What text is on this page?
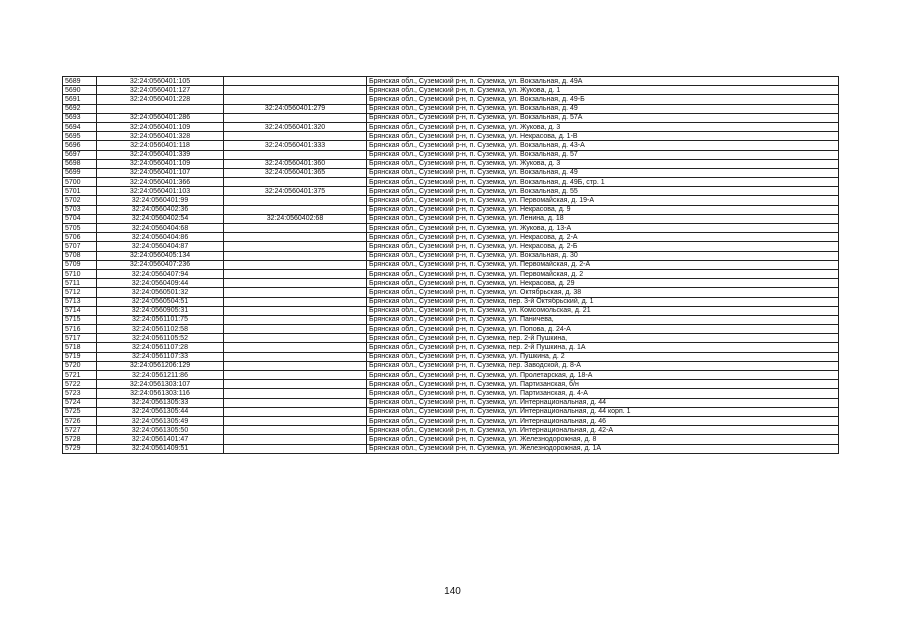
5689	32:24:0560401:105		Брянская обл., Суземский р-н, п. Суземка, ул. Вокзальная, д. 49А
5690	32:24:0560401:127		Брянская обл., Суземский р-н, п. Суземка, ул. Жукова, д. 1
5691	32:24:0560401:228		Брянская обл., Суземский р-н, п. Суземка, ул. Вокзальная, д. 49-Б
5692		32:24:0560401:279	Брянская обл., Суземский р-н, п. Суземка, ул. Вокзальная, д. 49
5693	32:24:0560401:286		Брянская обл., Суземский р-н, п. Суземка, ул. Вокзальная, д. 57А
5694	32:24:0560401:109	32:24:0560401:320	Брянская обл., Суземский р-н, п. Суземка, ул. Жукова, д. 3
5695	32:24:0560401:328		Брянская обл., Суземский р-н, п. Суземка, ул. Некрасова, д. 1-В
5696	32:24:0560401:118	32:24:0560401:333	Брянская обл., Суземский р-н, п. Суземка, ул. Вокзальная, д. 43-А
5697	32:24:0560401:339		Брянская обл., Суземский р-н, п. Суземка, ул. Вокзальная, д. 57
5698	32:24:0560401:109	32:24:0560401:360	Брянская обл., Суземский р-н, п. Суземка, ул. Жукова, д. 3
5699	32:24:0560401:107	32:24:0560401:365	Брянская обл., Суземский р-н, п. Суземка, ул. Вокзальная, д. 49
5700	32:24:0560401:366		Брянская обл., Суземский р-н, п. Суземка, ул. Вокзальная, д. 49Б, стр. 1
5701	32:24:0560401:103	32:24:0560401:375	Брянская обл., Суземский р-н, п. Суземка, ул. Вокзальная, д. 55
5702	32:24:0560401:99		Брянская обл., Суземский р-н, п. Суземка, ул. Первомайская, д. 19-А
5703	32:24:0560402:36		Брянская обл., Суземский р-н, п. Суземка, ул. Некрасова, д. 9
5704	32:24:0560402:54	32:24:0560402:68	Брянская обл., Суземский р-н, п. Суземка, ул. Ленина, д. 18
5705	32:24:0560404:68		Брянская обл., Суземский р-н, п. Суземка, ул. Жукова, д. 13-А
5706	32:24:0560404:86		Брянская обл., Суземский р-н, п. Суземка, ул. Некрасова, д. 2-А
5707	32:24:0560404:87		Брянская обл., Суземский р-н, п. Суземка, ул. Некрасова, д. 2-Б
5708	32:24:0560405:134		Брянская обл., Суземский р-н, п. Суземка, ул. Вокзальная, д. 30
5709	32:24:0560407:236		Брянская обл., Суземский р-н, п. Суземка, ул. Первомайская, д. 2-А
5710	32:24:0560407:94		Брянская обл., Суземский р-н, п. Суземка, ул. Первомайская, д. 2
5711	32:24:0560409:44		Брянская обл., Суземский р-н, п. Суземка, ул. Некрасова, д. 29
5712	32:24:0560501:32		Брянская обл., Суземский р-н, п. Суземка, ул. Октябрьская, д. 38
5713	32:24:0560504:51		Брянская обл., Суземский р-н, п. Суземка, пер. 3-й Октябрьский, д. 1
5714	32:24:0560905:31		Брянская обл., Суземский р-н, п. Суземка, ул. Комсомольская, д. 21
5715	32:24:0561101:75		Брянская обл., Суземский р-н, п. Суземка, ул. Паничева,
5716	32:24:0561102:58		Брянская обл., Суземский р-н, п. Суземка, ул. Попова, д. 24-А
5717	32:24:0561105:52		Брянская обл., Суземский р-н, п. Суземка, пер. 2-й Пушкина,
5718	32:24:0561107:28		Брянская обл., Суземский р-н, п. Суземка, пер. 2-й Пушкина, д. 1А
5719	32:24:0561107:33		Брянская обл., Суземский р-н, п. Суземка, ул. Пушкина, д. 2
5720	32:24:0561206:129		Брянская обл., Суземский р-н, п. Суземка, пер. Заводской, д. 8-А
5721	32:24:0561211:86		Брянская обл., Суземский р-н, п. Суземка, ул. Пролетарская, д. 18-А
5722	32:24:0561303:107		Брянская обл., Суземский р-н, п. Суземка, ул. Партизанская, б/н
5723	32:24:0561303:116		Брянская обл., Суземский р-н, п. Суземка, ул. Партизанская, д. 4-А
5724	32:24:0561305:33		Брянская обл., Суземский р-н, п. Суземка, ул. Интернациональная, д. 44
5725	32:24:0561305:44		Брянская обл., Суземский р-н, п. Суземка, ул. Интернациональная, д. 44 корп. 1
5726	32:24:0561305:49		Брянская обл., Суземский р-н, п. Суземка, ул. Интернациональная, д. 46
5727	32:24:0561305:50		Брянская обл., Суземский р-н, п. Суземка, ул. Интернациональная, д. 42-А
5728	32:24:0561401:47		Брянская обл., Суземский р-н, п. Суземка, ул. Железнодорожная, д. 8
5729	32:24:0561409:51		Брянская обл., Суземский р-н, п. Суземка, ул. Железнодорожная, д. 1А
140
